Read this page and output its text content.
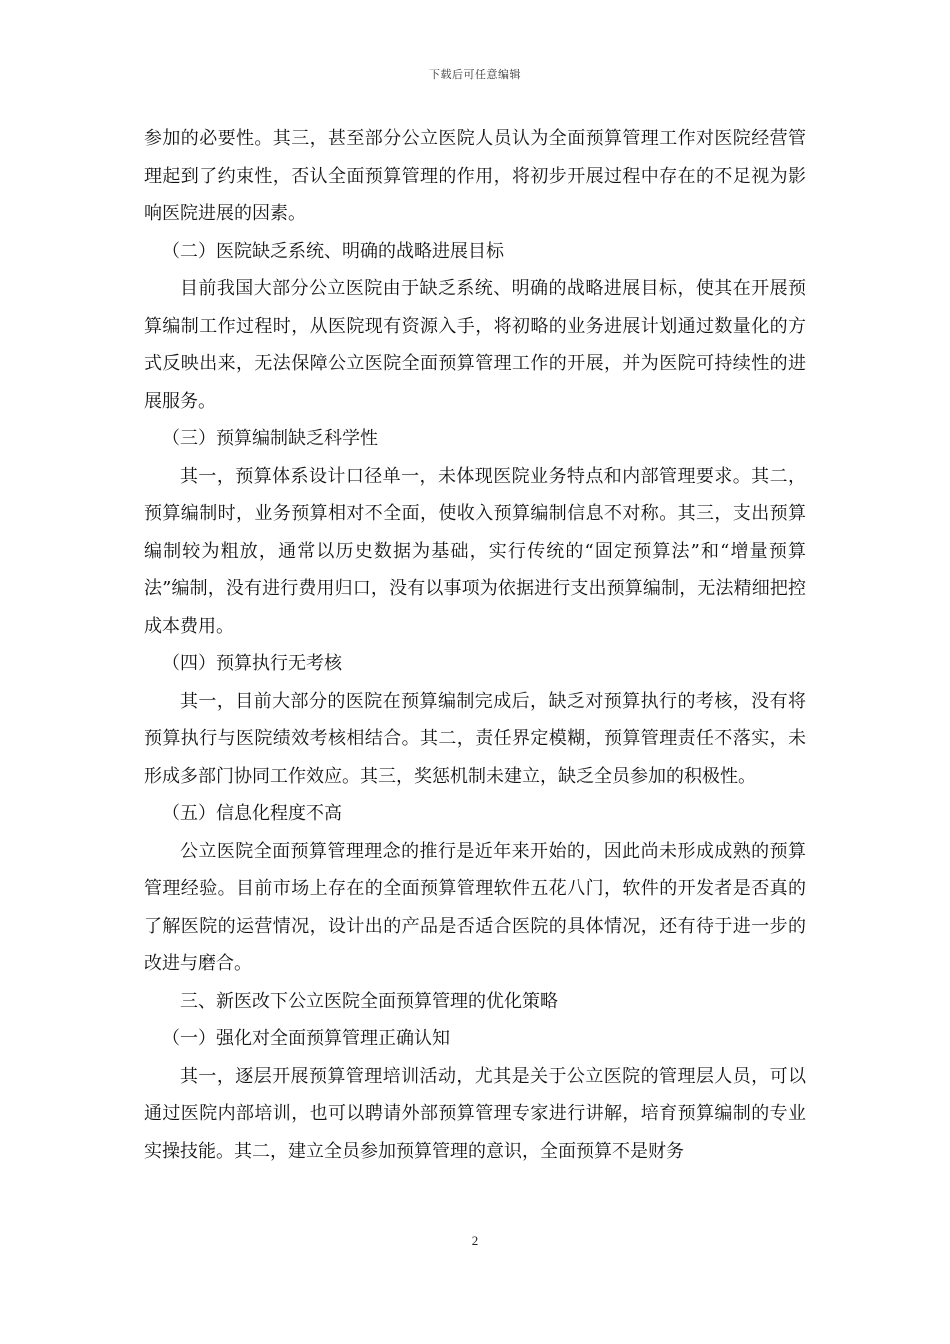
下载后可任意编辑

参加的必要性。其三，甚至部分公立医院人员认为全面预算管理工作对医院经营管理起到了约束性，否认全面预算管理的作用，将初步开展过程中存在的不足视为影响医院进展的因素。

（二）医院缺乏系统、明确的战略进展目标

目前我国大部分公立医院由于缺乏系统、明确的战略进展目标，使其在开展预算编制工作过程时，从医院现有资源入手，将初略的业务进展计划通过数量化的方式反映出来，无法保障公立医院全面预算管理工作的开展，并为医院可持续性的进展服务。

（三）预算编制缺乏科学性

其一，预算体系设计口径单一，未体现医院业务特点和内部管理要求。其二，预算编制时，业务预算相对不全面，使收入预算编制信息不对称。其三，支出预算编制较为粗放，通常以历史数据为基础，实行传统的“固定预算法”和“增量预算法”编制，没有进行费用归口，没有以事项为依据进行支出预算编制，无法精细把控成本费用。

（四）预算执行无考核

其一，目前大部分的医院在预算编制完成后，缺乏对预算执行的考核，没有将预算执行与医院绩效考核相结合。其二，责任界定模糊，预算管理责任不落实，未形成多部门协同工作效应。其三，奖惩机制未建立，缺乏全员参加的积极性。

（五）信息化程度不高

公立医院全面预算管理理念的推行是近年来开始的，因此尚未形成成熟的预算管理经验。目前市场上存在的全面预算管理软件五花八门，软件的开发者是否真的了解医院的运营情况，设计出的产品是否适合医院的具体情况，还有待于进一步的改进与磨合。

三、新医改下公立医院全面预算管理的优化策略

（一）强化对全面预算管理正确认知

其一，逐层开展预算管理培训活动，尤其是关于公立医院的管理层人员，可以通过医院内部培训，也可以聘请外部预算管理专家进行讲解，培育预算编制的专业实操技能。其二，建立全员参加预算管理的意识，全面预算不是财务

2
